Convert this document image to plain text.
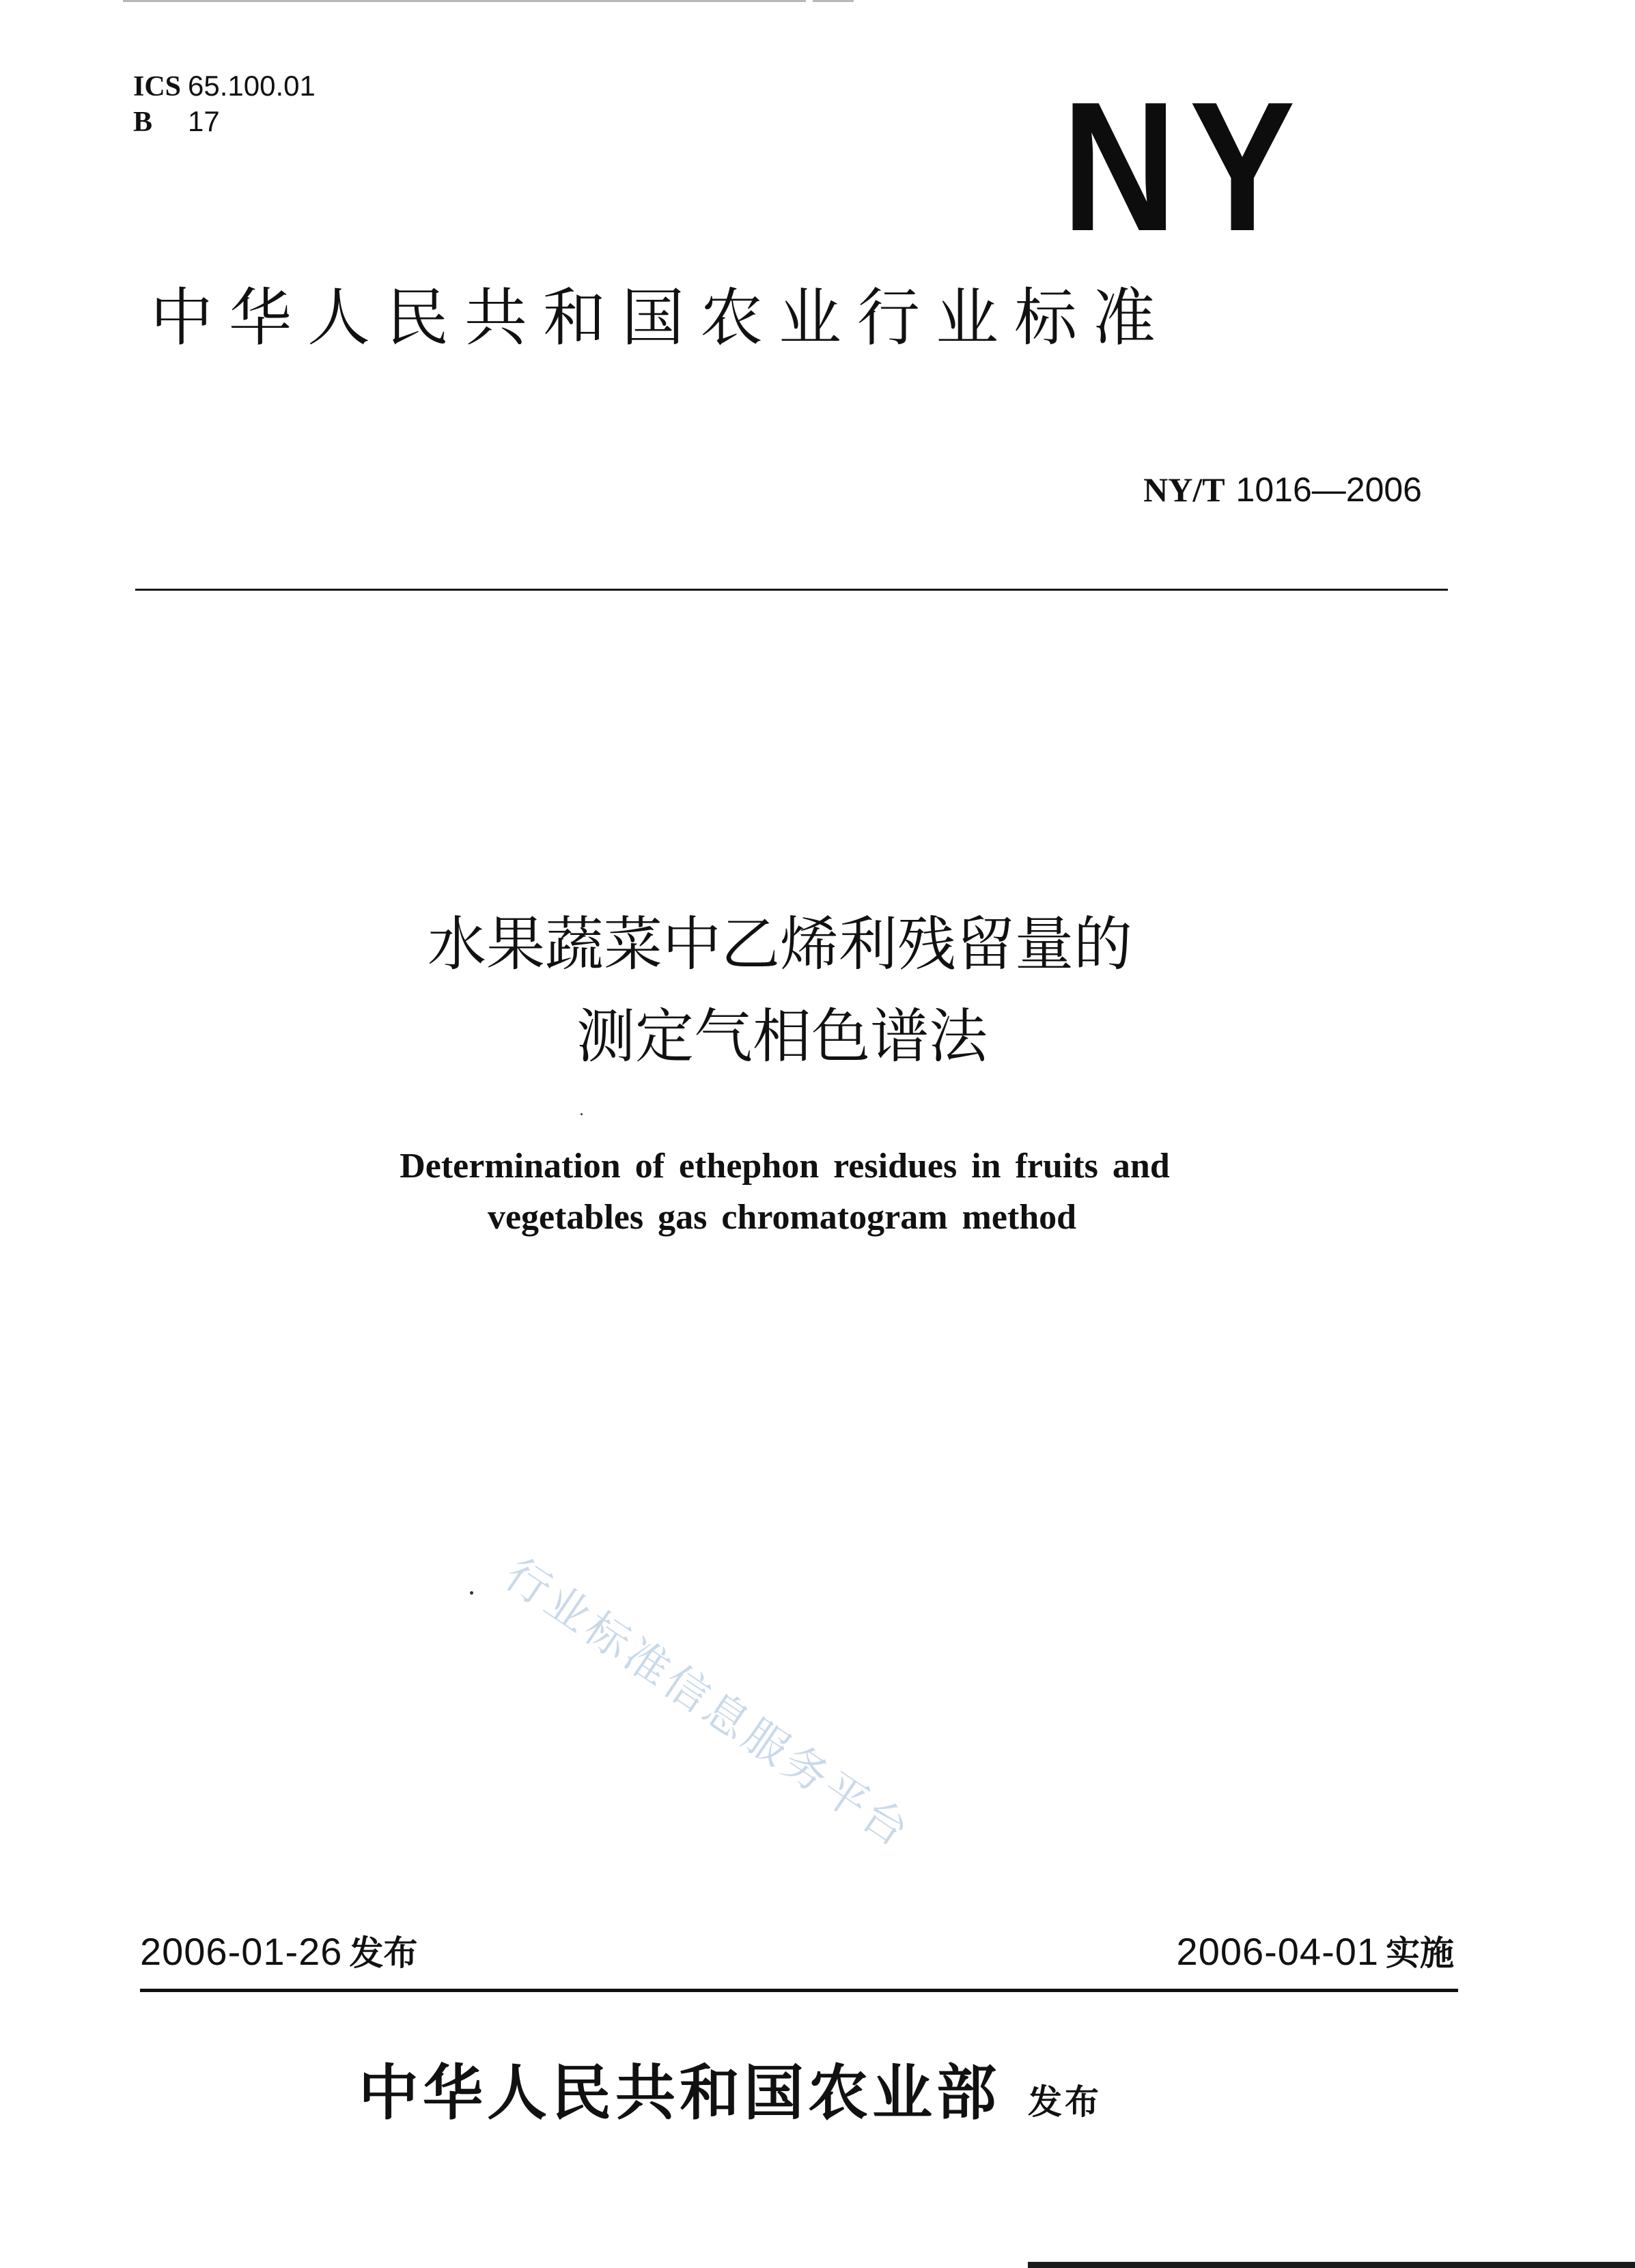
ICS 65.100.01
B 17	NY
中华人民共和国农业行业标准
NY/T 1016—2006
水果蔬菜中乙烯利残留量的
测定气相色谱法
Determination of ethephon residues in fruits and
vegetables gas chromatogram method
行业标准信息服务平台
2006-01-26 发布	2006-04-01 实施
中华人民共和国农业部 发布
